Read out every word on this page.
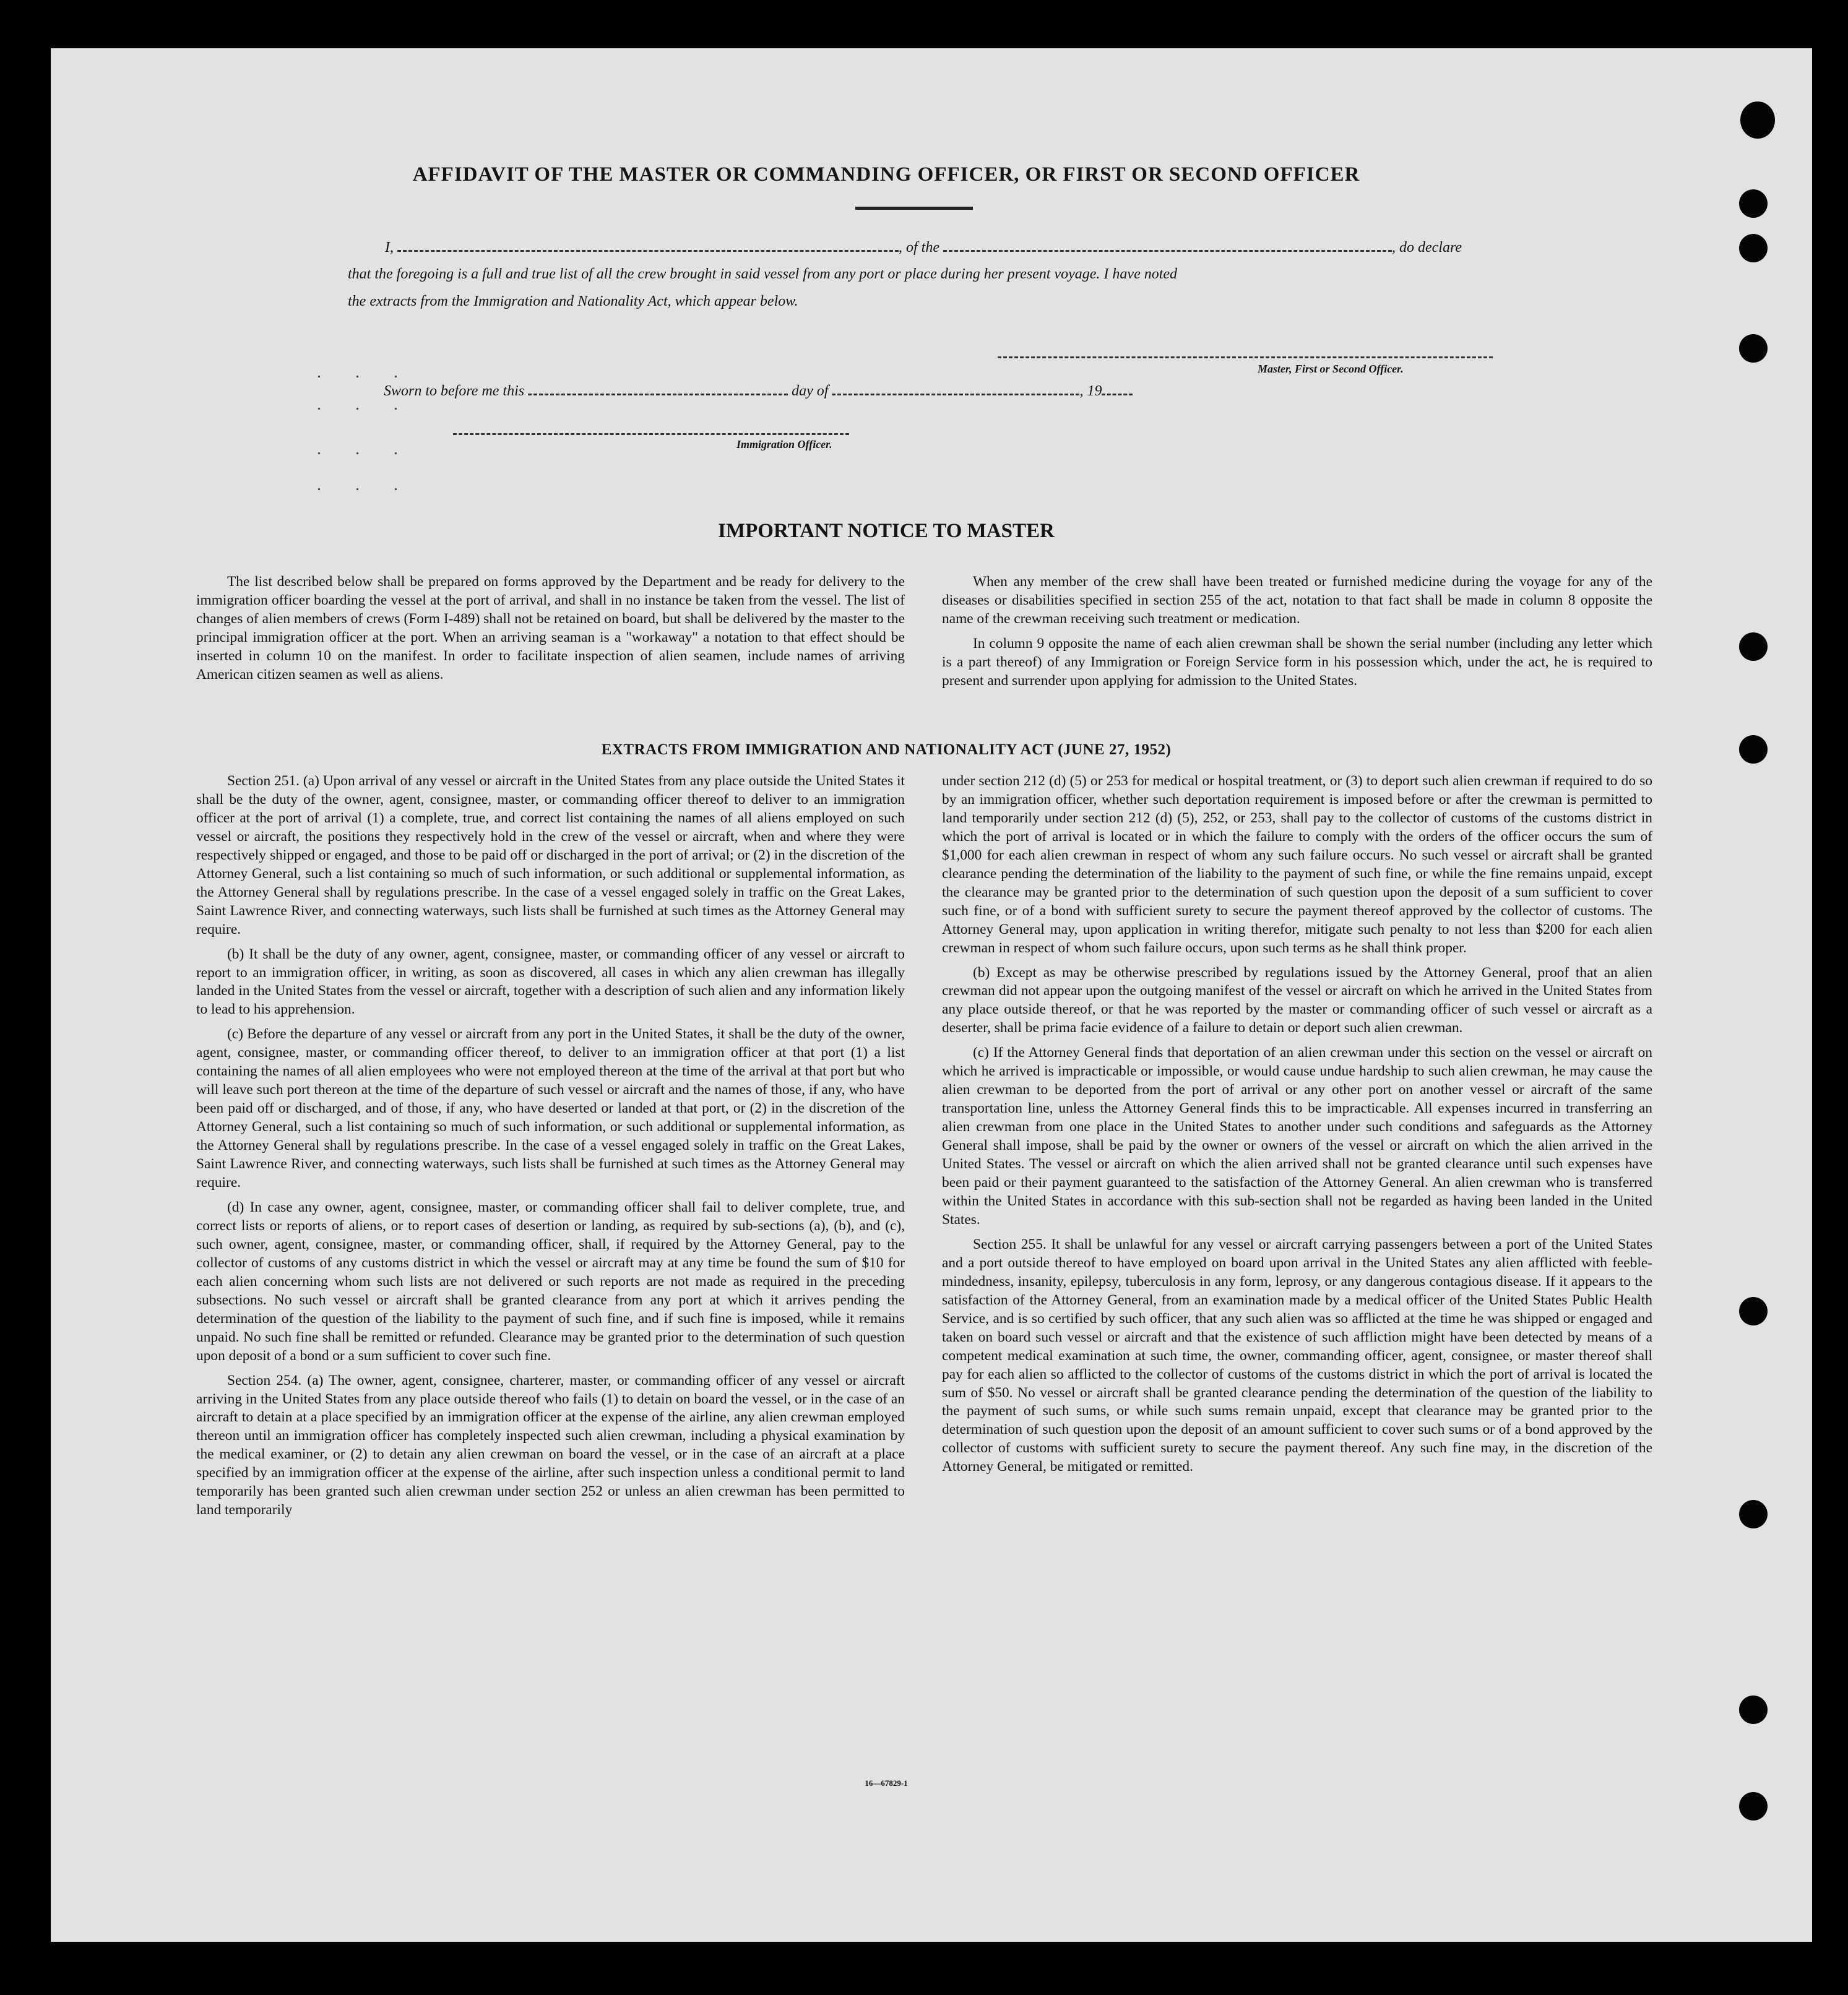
AFFIDAVIT OF THE MASTER OR COMMANDING OFFICER, OR FIRST OR SECOND OFFICER
I,	, of the	, do declare
that the foregoing is a full and true list of all the crew brought in said vessel from any port or place during her present voyage. I have noted
the extracts from the Immigration and Nationality Act, which appear below.
Master, First or Second Officer.
. . .
Sworn to before me this	day of	, 19
. . .
Immigration Officer.
. . .
. . .
IMPORTANT NOTICE TO MASTER

The list described below shall be prepared on forms approved by the Department and be ready for delivery to the immigration officer boarding the vessel at the port of arrival, and shall in no instance be taken from the vessel. The list of changes of alien members of crews (Form I-489) shall not be retained on board, but shall be delivered by the master to the principal immigration officer at the port. When an arriving seaman is a "workaway" a notation to that effect should be inserted in column 10 on the manifest. In order to facilitate inspection of alien seamen, include names of arriving American citizen seamen as well as aliens.

When any member of the crew shall have been treated or furnished medicine during the voyage for any of the diseases or disabilities specified in section 255 of the act, notation to that fact shall be made in column 8 opposite the name of the crewman receiving such treatment or medication.

In column 9 opposite the name of each alien crewman shall be shown the serial number (including any letter which is a part thereof) of any Immigration or Foreign Service form in his possession which, under the act, he is required to present and surrender upon applying for admission to the United States.

EXTRACTS FROM IMMIGRATION AND NATIONALITY ACT (JUNE 27, 1952)

Section 251. (a) Upon arrival of any vessel or aircraft in the United States from any place outside the United States it shall be the duty of the owner, agent, consignee, master, or commanding officer thereof to deliver to an immigration officer at the port of arrival (1) a complete, true, and correct list containing the names of all aliens employed on such vessel or aircraft, the positions they respectively hold in the crew of the vessel or aircraft, when and where they were respectively shipped or engaged, and those to be paid off or discharged in the port of arrival; or (2) in the discretion of the Attorney General, such a list containing so much of such information, or such additional or supplemental information, as the Attorney General shall by regulations prescribe. In the case of a vessel engaged solely in traffic on the Great Lakes, Saint Lawrence River, and connecting waterways, such lists shall be furnished at such times as the Attorney General may require.

(b) It shall be the duty of any owner, agent, consignee, master, or commanding officer of any vessel or aircraft to report to an immigration officer, in writing, as soon as discovered, all cases in which any alien crewman has illegally landed in the United States from the vessel or aircraft, together with a description of such alien and any information likely to lead to his apprehension.

(c) Before the departure of any vessel or aircraft from any port in the United States, it shall be the duty of the owner, agent, consignee, master, or commanding officer thereof, to deliver to an immigration officer at that port (1) a list containing the names of all alien employees who were not employed thereon at the time of the arrival at that port but who will leave such port thereon at the time of the departure of such vessel or aircraft and the names of those, if any, who have been paid off or discharged, and of those, if any, who have deserted or landed at that port, or (2) in the discretion of the Attorney General, such a list containing so much of such information, or such additional or supplemental information, as the Attorney General shall by regulations prescribe. In the case of a vessel engaged solely in traffic on the Great Lakes, Saint Lawrence River, and connecting waterways, such lists shall be furnished at such times as the Attorney General may require.

(d) In case any owner, agent, consignee, master, or commanding officer shall fail to deliver complete, true, and correct lists or reports of aliens, or to report cases of desertion or landing, as required by sub-sections (a), (b), and (c), such owner, agent, consignee, master, or commanding officer, shall, if required by the Attorney General, pay to the collector of customs of any customs district in which the vessel or aircraft may at any time be found the sum of $10 for each alien concerning whom such lists are not delivered or such reports are not made as required in the preceding subsections. No such vessel or aircraft shall be granted clearance from any port at which it arrives pending the determination of the question of the liability to the payment of such fine, and if such fine is imposed, while it remains unpaid. No such fine shall be remitted or refunded. Clearance may be granted prior to the determination of such question upon deposit of a bond or a sum sufficient to cover such fine.

Section 254. (a) The owner, agent, consignee, charterer, master, or commanding officer of any vessel or aircraft arriving in the United States from any place outside thereof who fails (1) to detain on board the vessel, or in the case of an aircraft to detain at a place specified by an immigration officer at the expense of the airline, any alien crewman employed thereon until an immigration officer has completely inspected such alien crewman, including a physical examination by the medical examiner, or (2) to detain any alien crewman on board the vessel, or in the case of an aircraft at a place specified by an immigration officer at the expense of the airline, after such inspection unless a conditional permit to land temporarily has been granted such alien crewman under section 252 or unless an alien crewman has been permitted to land temporarily

under section 212 (d) (5) or 253 for medical or hospital treatment, or (3) to deport such alien crewman if required to do so by an immigration officer, whether such deportation requirement is imposed before or after the crewman is permitted to land temporarily under section 212 (d) (5), 252, or 253, shall pay to the collector of customs of the customs district in which the port of arrival is located or in which the failure to comply with the orders of the officer occurs the sum of $1,000 for each alien crewman in respect of whom any such failure occurs. No such vessel or aircraft shall be granted clearance pending the determination of the liability to the payment of such fine, or while the fine remains unpaid, except the clearance may be granted prior to the determination of such question upon the deposit of a sum sufficient to cover such fine, or of a bond with sufficient surety to secure the payment thereof approved by the collector of customs. The Attorney General may, upon application in writing therefor, mitigate such penalty to not less than $200 for each alien crewman in respect of whom such failure occurs, upon such terms as he shall think proper.

(b) Except as may be otherwise prescribed by regulations issued by the Attorney General, proof that an alien crewman did not appear upon the outgoing manifest of the vessel or aircraft on which he arrived in the United States from any place outside thereof, or that he was reported by the master or commanding officer of such vessel or aircraft as a deserter, shall be prima facie evidence of a failure to detain or deport such alien crewman.

(c) If the Attorney General finds that deportation of an alien crewman under this section on the vessel or aircraft on which he arrived is impracticable or impossible, or would cause undue hardship to such alien crewman, he may cause the alien crewman to be deported from the port of arrival or any other port on another vessel or aircraft of the same transportation line, unless the Attorney General finds this to be impracticable. All expenses incurred in transferring an alien crewman from one place in the United States to another under such conditions and safeguards as the Attorney General shall impose, shall be paid by the owner or owners of the vessel or aircraft on which the alien arrived in the United States. The vessel or aircraft on which the alien arrived shall not be granted clearance until such expenses have been paid or their payment guaranteed to the satisfaction of the Attorney General. An alien crewman who is transferred within the United States in accordance with this sub-section shall not be regarded as having been landed in the United States.

Section 255. It shall be unlawful for any vessel or aircraft carrying passengers between a port of the United States and a port outside thereof to have employed on board upon arrival in the United States any alien afflicted with feeble-mindedness, insanity, epilepsy, tuberculosis in any form, leprosy, or any dangerous contagious disease. If it appears to the satisfaction of the Attorney General, from an examination made by a medical officer of the United States Public Health Service, and is so certified by such officer, that any such alien was so afflicted at the time he was shipped or engaged and taken on board such vessel or aircraft and that the existence of such affliction might have been detected by means of a competent medical examination at such time, the owner, commanding officer, agent, consignee, or master thereof shall pay for each alien so afflicted to the collector of customs of the customs district in which the port of arrival is located the sum of $50. No vessel or aircraft shall be granted clearance pending the determination of the question of the liability to the payment of such sums, or while such sums remain unpaid, except that clearance may be granted prior to the determination of such question upon the deposit of an amount sufficient to cover such sums or of a bond approved by the collector of customs with sufficient surety to secure the payment thereof. Any such fine may, in the discretion of the Attorney General, be mitigated or remitted.

16—67829-1
